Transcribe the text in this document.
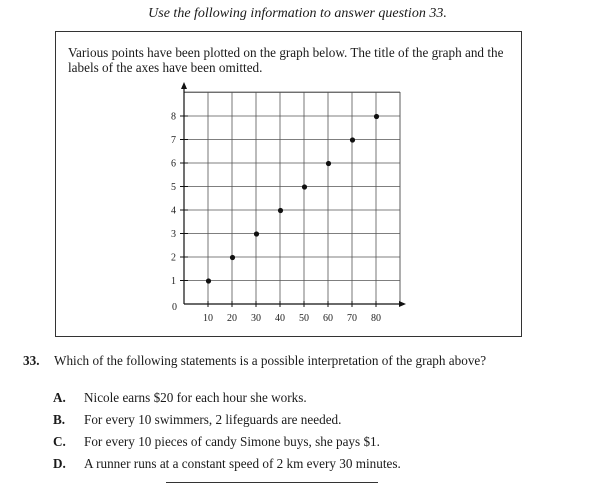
Use the following information to answer question 33.

Various points have been plotted on the graph below. The title of the graph and the labels of the axes have been omitted.

10 20 30 40 50 60 70 80
1
2
3
4
5
6
7
8
0
33. Which of the following statements is a possible interpretation of the graph above?
A. Nicole earns $20 for each hour she works.
B. For every 10 swimmers, 2 lifeguards are needed.
C. For every 10 pieces of candy Simone buys, she pays $1.
D. A runner runs at a constant speed of 2 km every 30 minutes.
